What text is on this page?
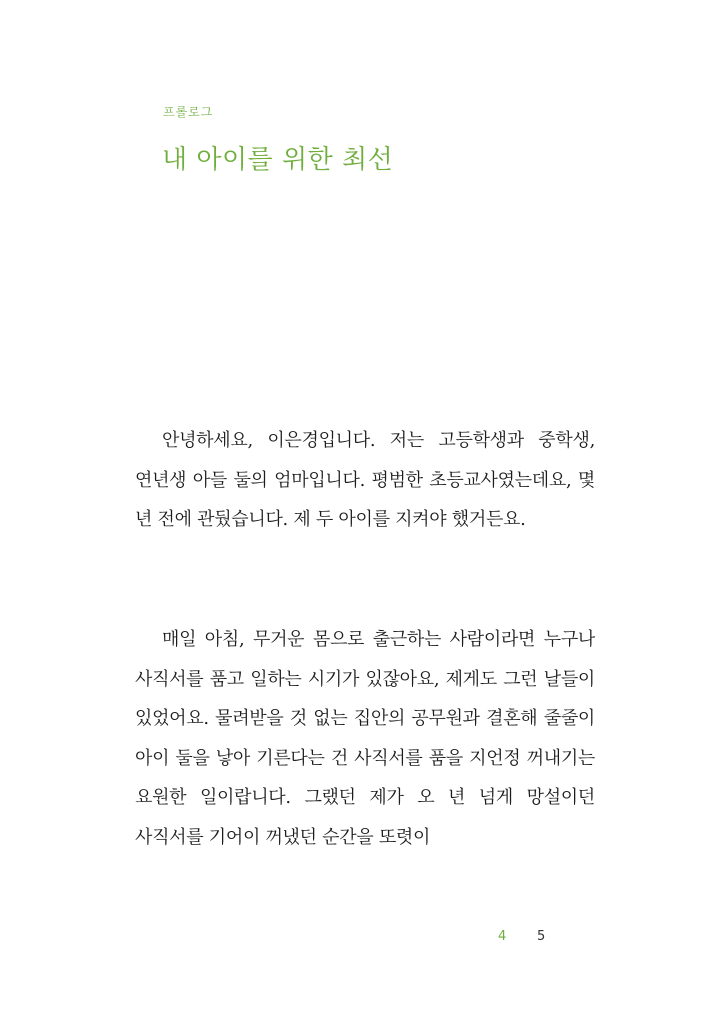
프롤로그

내 아이를 위한 최선

안녕하세요, 이은경입니다. 저는 고등학생과 중학생, 연년생 아들 둘의 엄마입니다. 평범한 초등교사였는데요, 몇 년 전에 관뒀습니다. 제 두 아이를 지켜야 했거든요.

매일 아침, 무거운 몸으로 출근하는 사람이라면 누구나 사직서를 품고 일하는 시기가 있잖아요, 제게도 그런 날들이 있었어요. 물려받을 것 없는 집안의 공무원과 결혼해 줄줄이 아이 둘을 낳아 기른다는 건 사직서를 품을 지언정 꺼내기는 요원한 일이랍니다. 그랬던 제가 오 년 넘게 망설이던 사직서를 기어이 꺼냈던 순간을 또렷이

4 5
